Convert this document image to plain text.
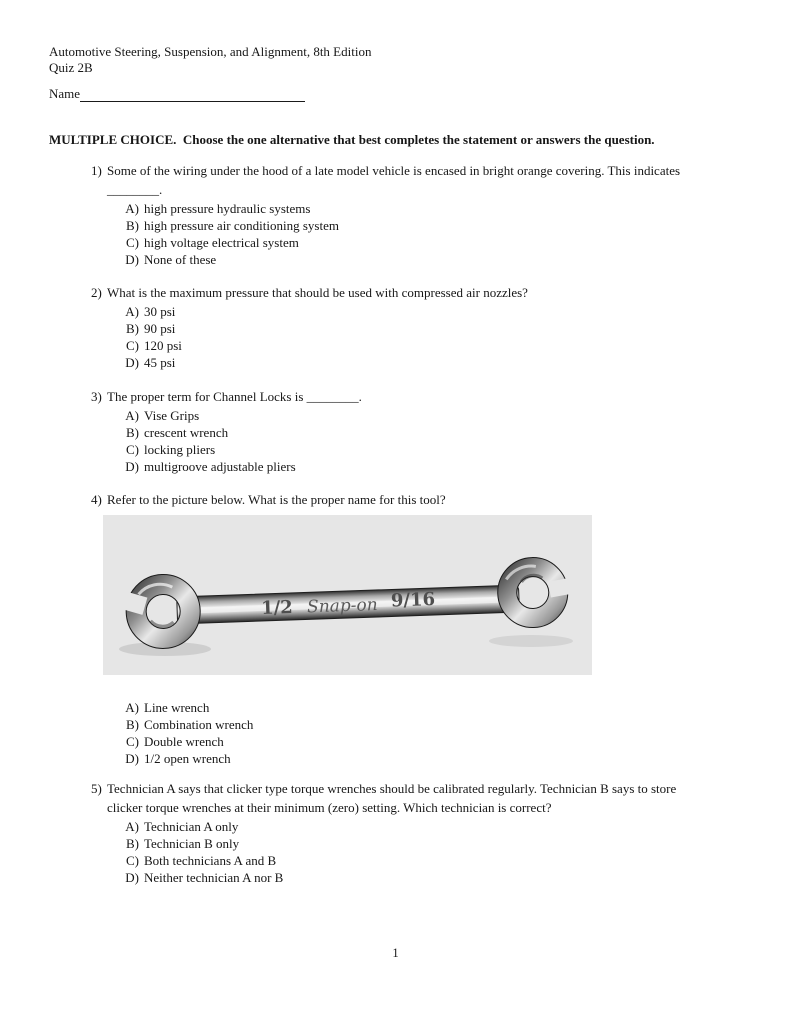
Automotive Steering, Suspension, and Alignment, 8th Edition
Quiz 2B
Name
MULTIPLE CHOICE.  Choose the one alternative that best completes the statement or answers the question.
1) Some of the wiring under the hood of a late model vehicle is encased in bright orange covering. This indicates
________.
A) high pressure hydraulic systems
B) high pressure air conditioning system
C) high voltage electrical system
D) None of these
2) What is the maximum pressure that should be used with compressed air nozzles?
A) 30 psi
B) 90 psi
C) 120 psi
D) 45 psi
3) The proper term for Channel Locks is ________.
A) Vise Grips
B) crescent wrench
C) locking pliers
D) multigroove adjustable pliers
4) Refer to the picture below. What is the proper name for this tool?
1/2 Snap-on 9/16
A) Line wrench
B) Combination wrench
C) Double wrench
D) 1/2 open wrench
5) Technician A says that clicker type torque wrenches should be calibrated regularly. Technician B says to store
clicker torque wrenches at their minimum (zero) setting. Which technician is correct?
A) Technician A only
B) Technician B only
C) Both technicians A and B
D) Neither technician A nor B
1
